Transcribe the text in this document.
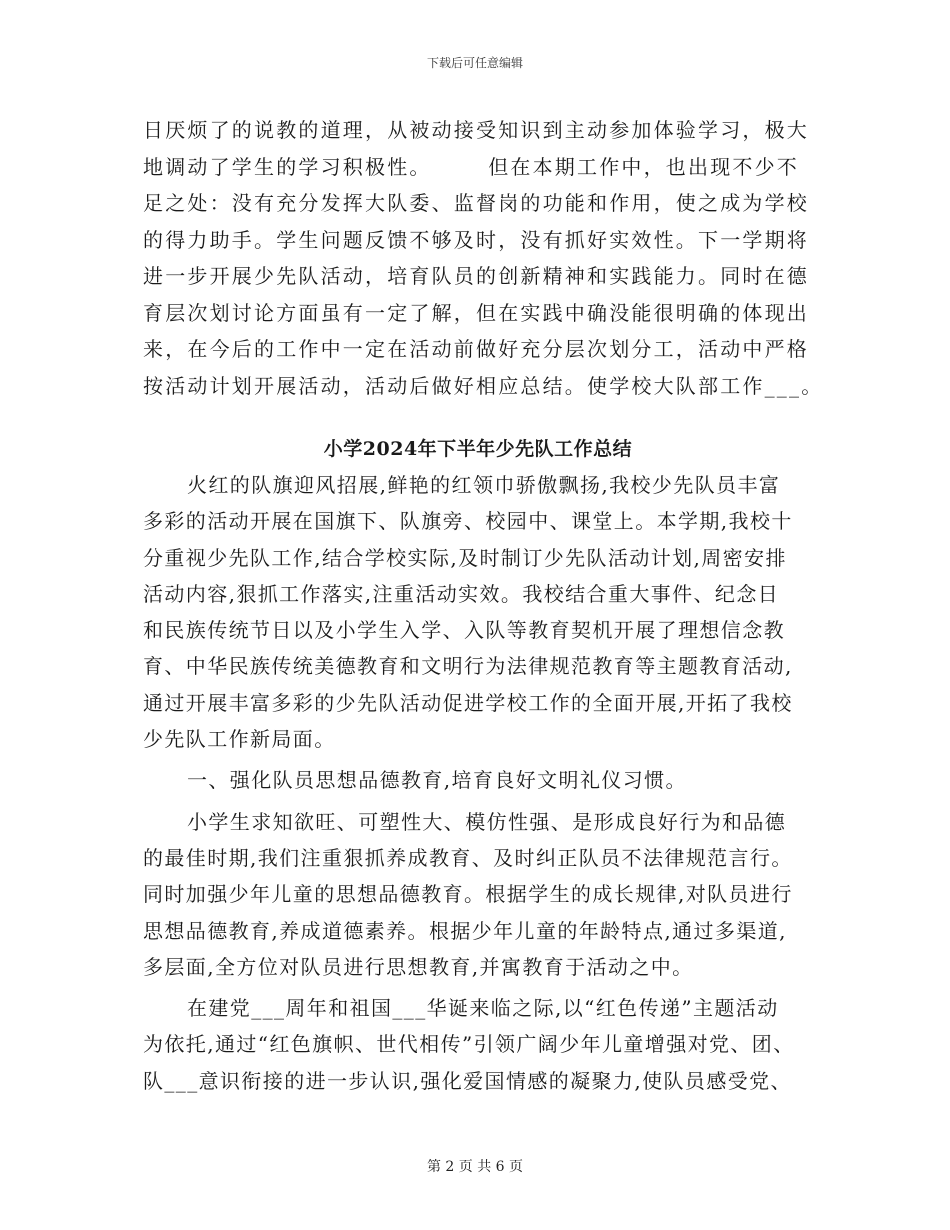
下载后可任意编辑

日厌烦了的说教的道理，从被动接受知识到主动参加体验学习，极大

地调动了学生的学习积极性。　　　但在本期工作中，也出现不少不

足之处：没有充分发挥大队委、监督岗的功能和作用，使之成为学校

的得力助手。学生问题反馈不够及时，没有抓好实效性。下一学期将

进一步开展少先队活动，培育队员的创新精神和实践能力。同时在德

育层次划讨论方面虽有一定了解，但在实践中确没能很明确的体现出

来，在今后的工作中一定在活动前做好充分层次划分工，活动中严格

按活动计划开展活动，活动后做好相应总结。使学校大队部工作___。

小学2024年下半年少先队工作总结

火红的队旗迎风招展,鲜艳的红领巾骄傲飘扬,我校少先队员丰富

多彩的活动开展在国旗下、队旗旁、校园中、课堂上。本学期,我校十

分重视少先队工作,结合学校实际,及时制订少先队活动计划,周密安排

活动内容,狠抓工作落实,注重活动实效。我校结合重大事件、纪念日

和民族传统节日以及小学生入学、入队等教育契机开展了理想信念教

育、中华民族传统美德教育和文明行为法律规范教育等主题教育活动,

通过开展丰富多彩的少先队活动促进学校工作的全面开展,开拓了我校

少先队工作新局面。

一、强化队员思想品德教育,培育良好文明礼仪习惯。

小学生求知欲旺、可塑性大、模仿性强、是形成良好行为和品德

的最佳时期,我们注重狠抓养成教育、及时纠正队员不法律规范言行。

同时加强少年儿童的思想品德教育。根据学生的成长规律,对队员进行

思想品德教育,养成道德素养。根据少年儿童的年龄特点,通过多渠道,

多层面,全方位对队员进行思想教育,并寓教育于活动之中。

在建党___周年和祖国___华诞来临之际,以“红色传递”主题活动

为依托,通过“红色旗帜、世代相传”引领广阔少年儿童增强对党、团、

队___意识衔接的进一步认识,强化爱国情感的凝聚力,使队员感受党、

第 2 页 共 6 页
